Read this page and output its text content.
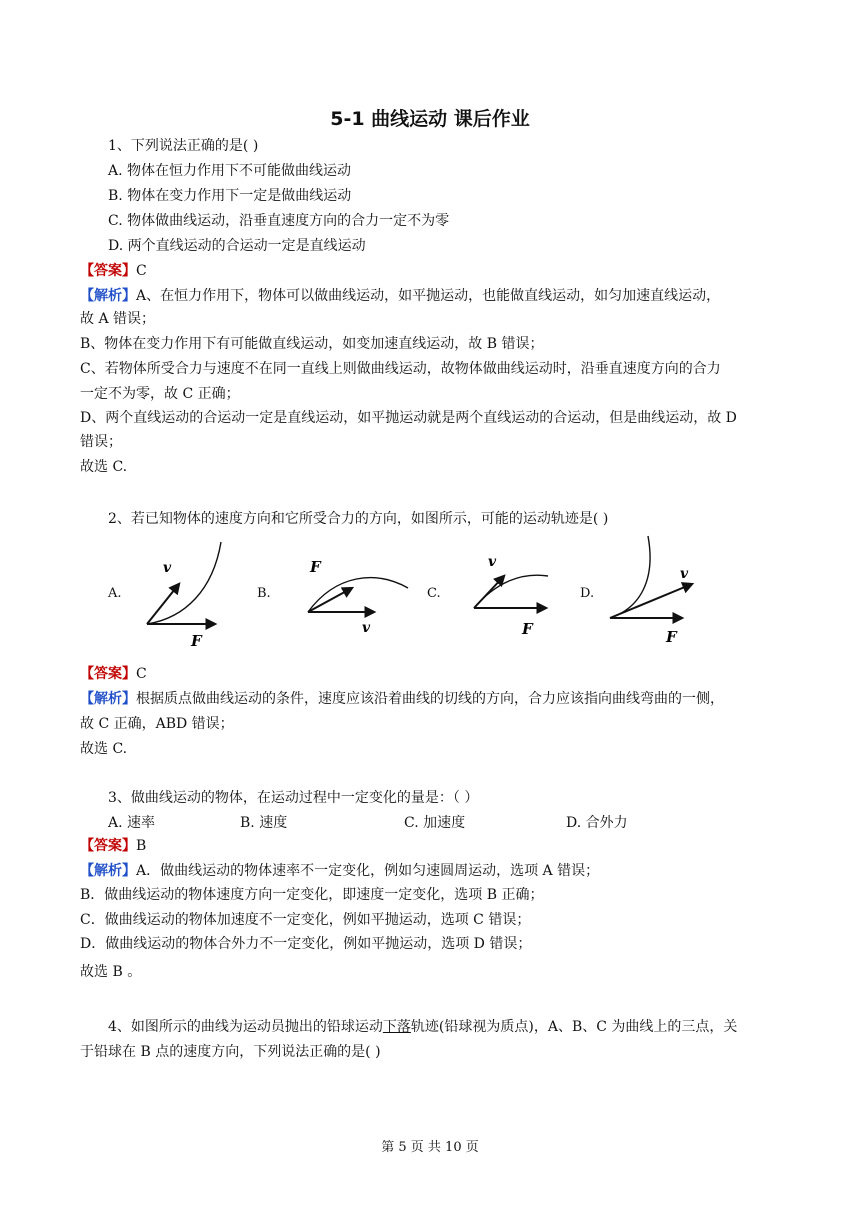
5-1 曲线运动 课后作业
1、下列说法正确的是( )
A. 物体在恒力作用下不可能做曲线运动
B. 物体在变力作用下一定是做曲线运动
C. 物体做曲线运动，沿垂直速度方向的合力一定不为零
D. 两个直线运动的合运动一定是直线运动
【答案】C
【解析】A、在恒力作用下，物体可以做曲线运动，如平抛运动，也能做直线运动，如匀加速直线运动，
故 A 错误；
B、物体在变力作用下有可能做直线运动，如变加速直线运动，故 B 错误；
C、若物体所受合力与速度不在同一直线上则做曲线运动，故物体做曲线运动时，沿垂直速度方向的合力
一定不为零，故 C 正确；
D、两个直线运动的合运动一定是直线运动，如平抛运动就是两个直线运动的合运动，但是曲线运动，故 D
错误；
故选 C.
2、若已知物体的速度方向和它所受合力的方向，如图所示，可能的运动轨迹是( )
A.
v
F
B.
F
v
C.
v
F
D.
v
F
【答案】C
【解析】根据质点做曲线运动的条件，速度应该沿着曲线的切线的方向，合力应该指向曲线弯曲的一侧，
故 C 正确，ABD 错误；
故选 C.
3、做曲线运动的物体，在运动过程中一定变化的量是：（ ）
A. 速率	B. 速度	C. 加速度	D. 合外力
【答案】B
【解析】A．做曲线运动的物体速率不一定变化，例如匀速圆周运动，选项 A 错误；
B．做曲线运动的物体速度方向一定变化，即速度一定变化，选项 B 正确；
C．做曲线运动的物体加速度不一定变化，例如平抛运动，选项 C 错误；
D．做曲线运动的物体合外力不一定变化，例如平抛运动，选项 D 错误；
故选 B 。
4、如图所示的曲线为运动员抛出的铅球运动下落轨迹(铅球视为质点)，A、B、C 为曲线上的三点，关
于铅球在 B 点的速度方向，下列说法正确的是( )
第 5 页 共 10 页
